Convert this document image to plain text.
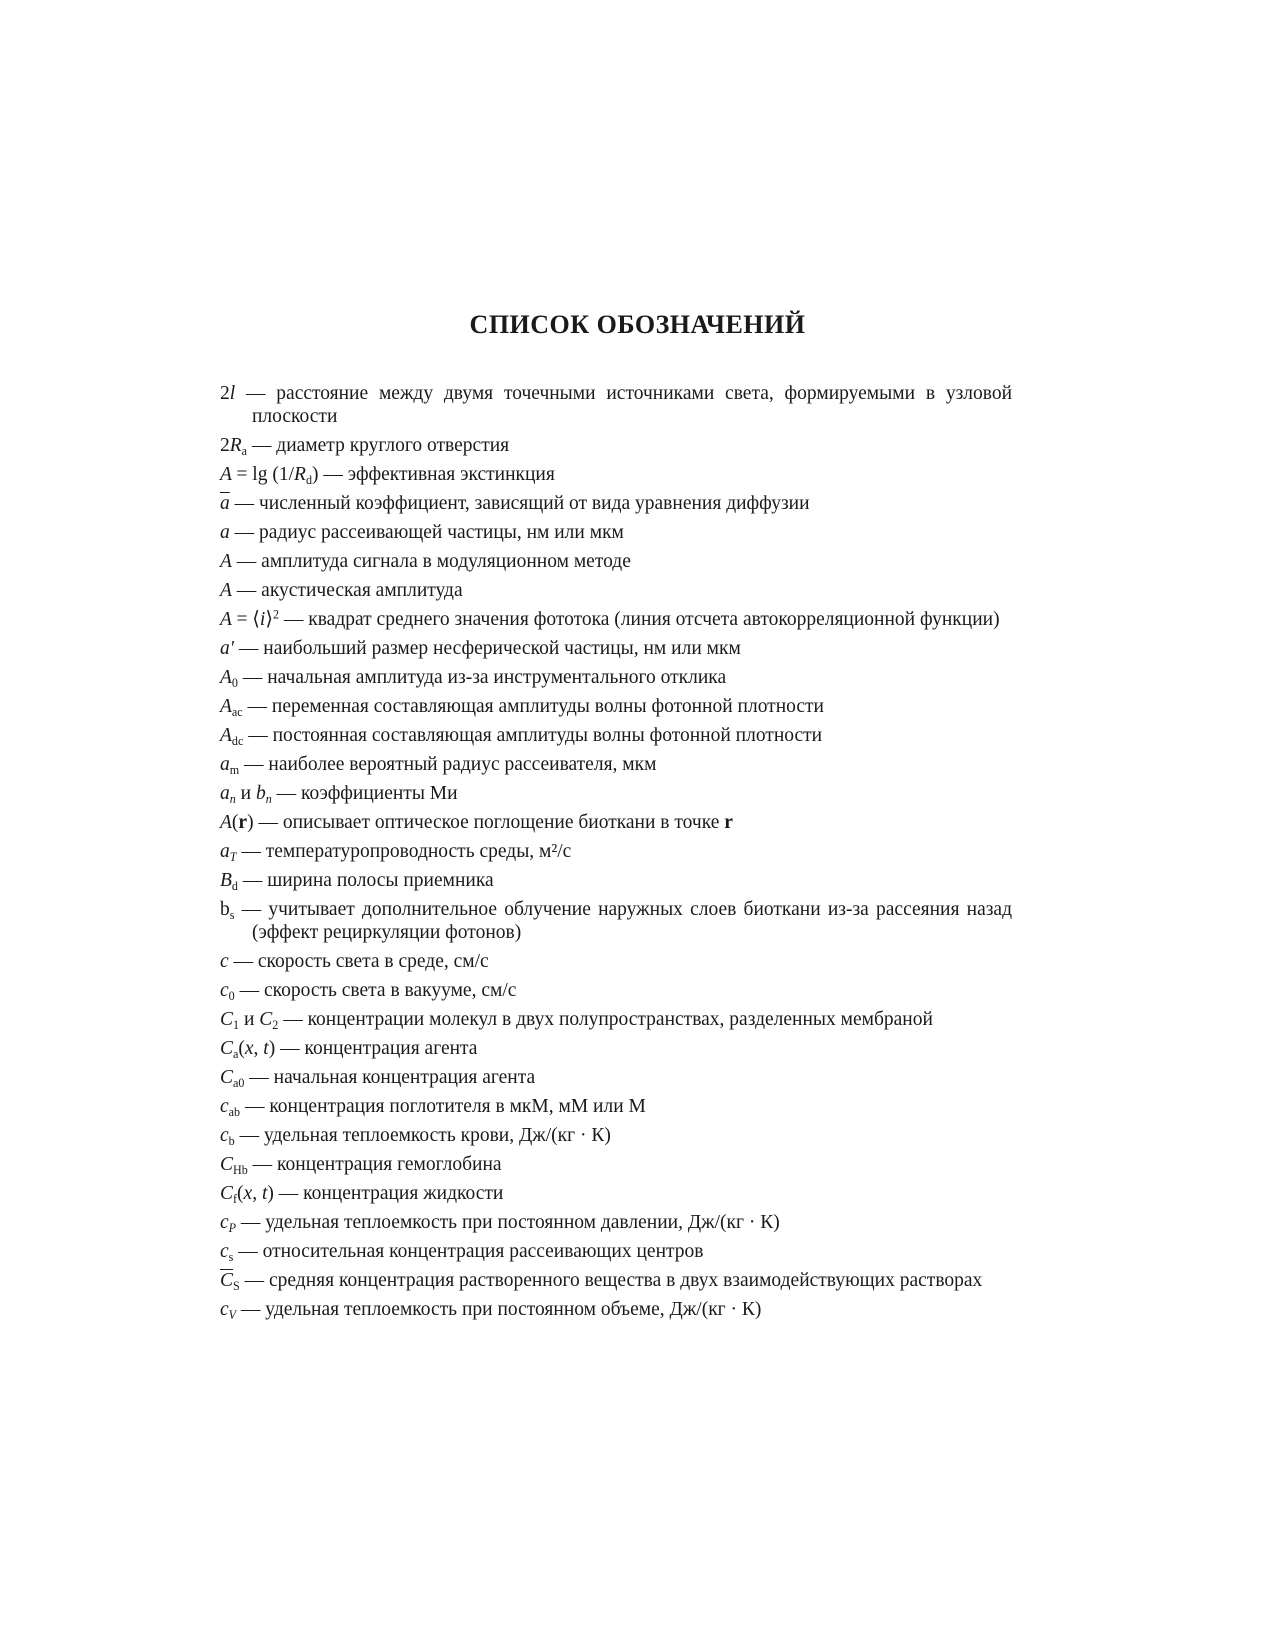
СПИСОК ОБОЗНАЧЕНИЙ
2l — расстояние между двумя точечными источниками света, формируемыми в узловой плоскости
$2R_a$ — диаметр круглого отверстия
$A = \lg (1/R_d)$ — эффективная экстинкция
$\overline{a}$ — численный коэффициент, зависящий от вида уравнения диффузии
a — радиус рассеивающей частицы, нм или мкм
A — амплитуда сигнала в модуляционном методе
A — акустическая амплитуда
A = ⟨i⟩$^2$ — квадрат среднего значения фототока (линия отсчета автокорреляционной функции)
a′ — наибольший размер несферической частицы, нм или мкм
$A_0$ — начальная амплитуда из-за инструментального отклика
$A_{ac}$ — переменная составляющая амплитуды волны фотонной плотности
$A_{dc}$ — постоянная составляющая амплитуды волны фотонной плотности
$a_m$ — наиболее вероятный радиус рассеивателя, мкм
$a_n$ и $b_n$ — коэффициенты Ми
A(r) — описывает оптическое поглощение биоткани в точке r
$a_T$ — температуропроводность среды, м²/с
$B_d$ — ширина полосы приемника
$b_s$ — учитывает дополнительное облучение наружных слоев биоткани из-за рассеяния назад (эффект рециркуляции фотонов)
c — скорость света в среде, см/с
$c_0$ — скорость света в вакууме, см/с
$C_1$ и $C_2$ — концентрации молекул в двух полупространствах, разделенных мембраной
$C_a(x$, t) — концентрация агента
$C_{a0}$ — начальная концентрация агента
$c_{ab}$ — концентрация поглотителя в мкМ, мМ или М
$c_b$ — удельная теплоемкость крови, Дж/(кг · К)
$C_{Hb}$ — концентрация гемоглобина
$C_f(x$, t) — концентрация жидкости
$c_P$ — удельная теплоемкость при постоянном давлении, Дж/(кг · К)
$c_s$ — относительная концентрация рассеивающих центров
$\overline{C}_S$ — средняя концентрация растворенного вещества в двух взаимодействующих растворах
$c_V$ — удельная теплоемкость при постоянном объеме, Дж/(кг · К)
